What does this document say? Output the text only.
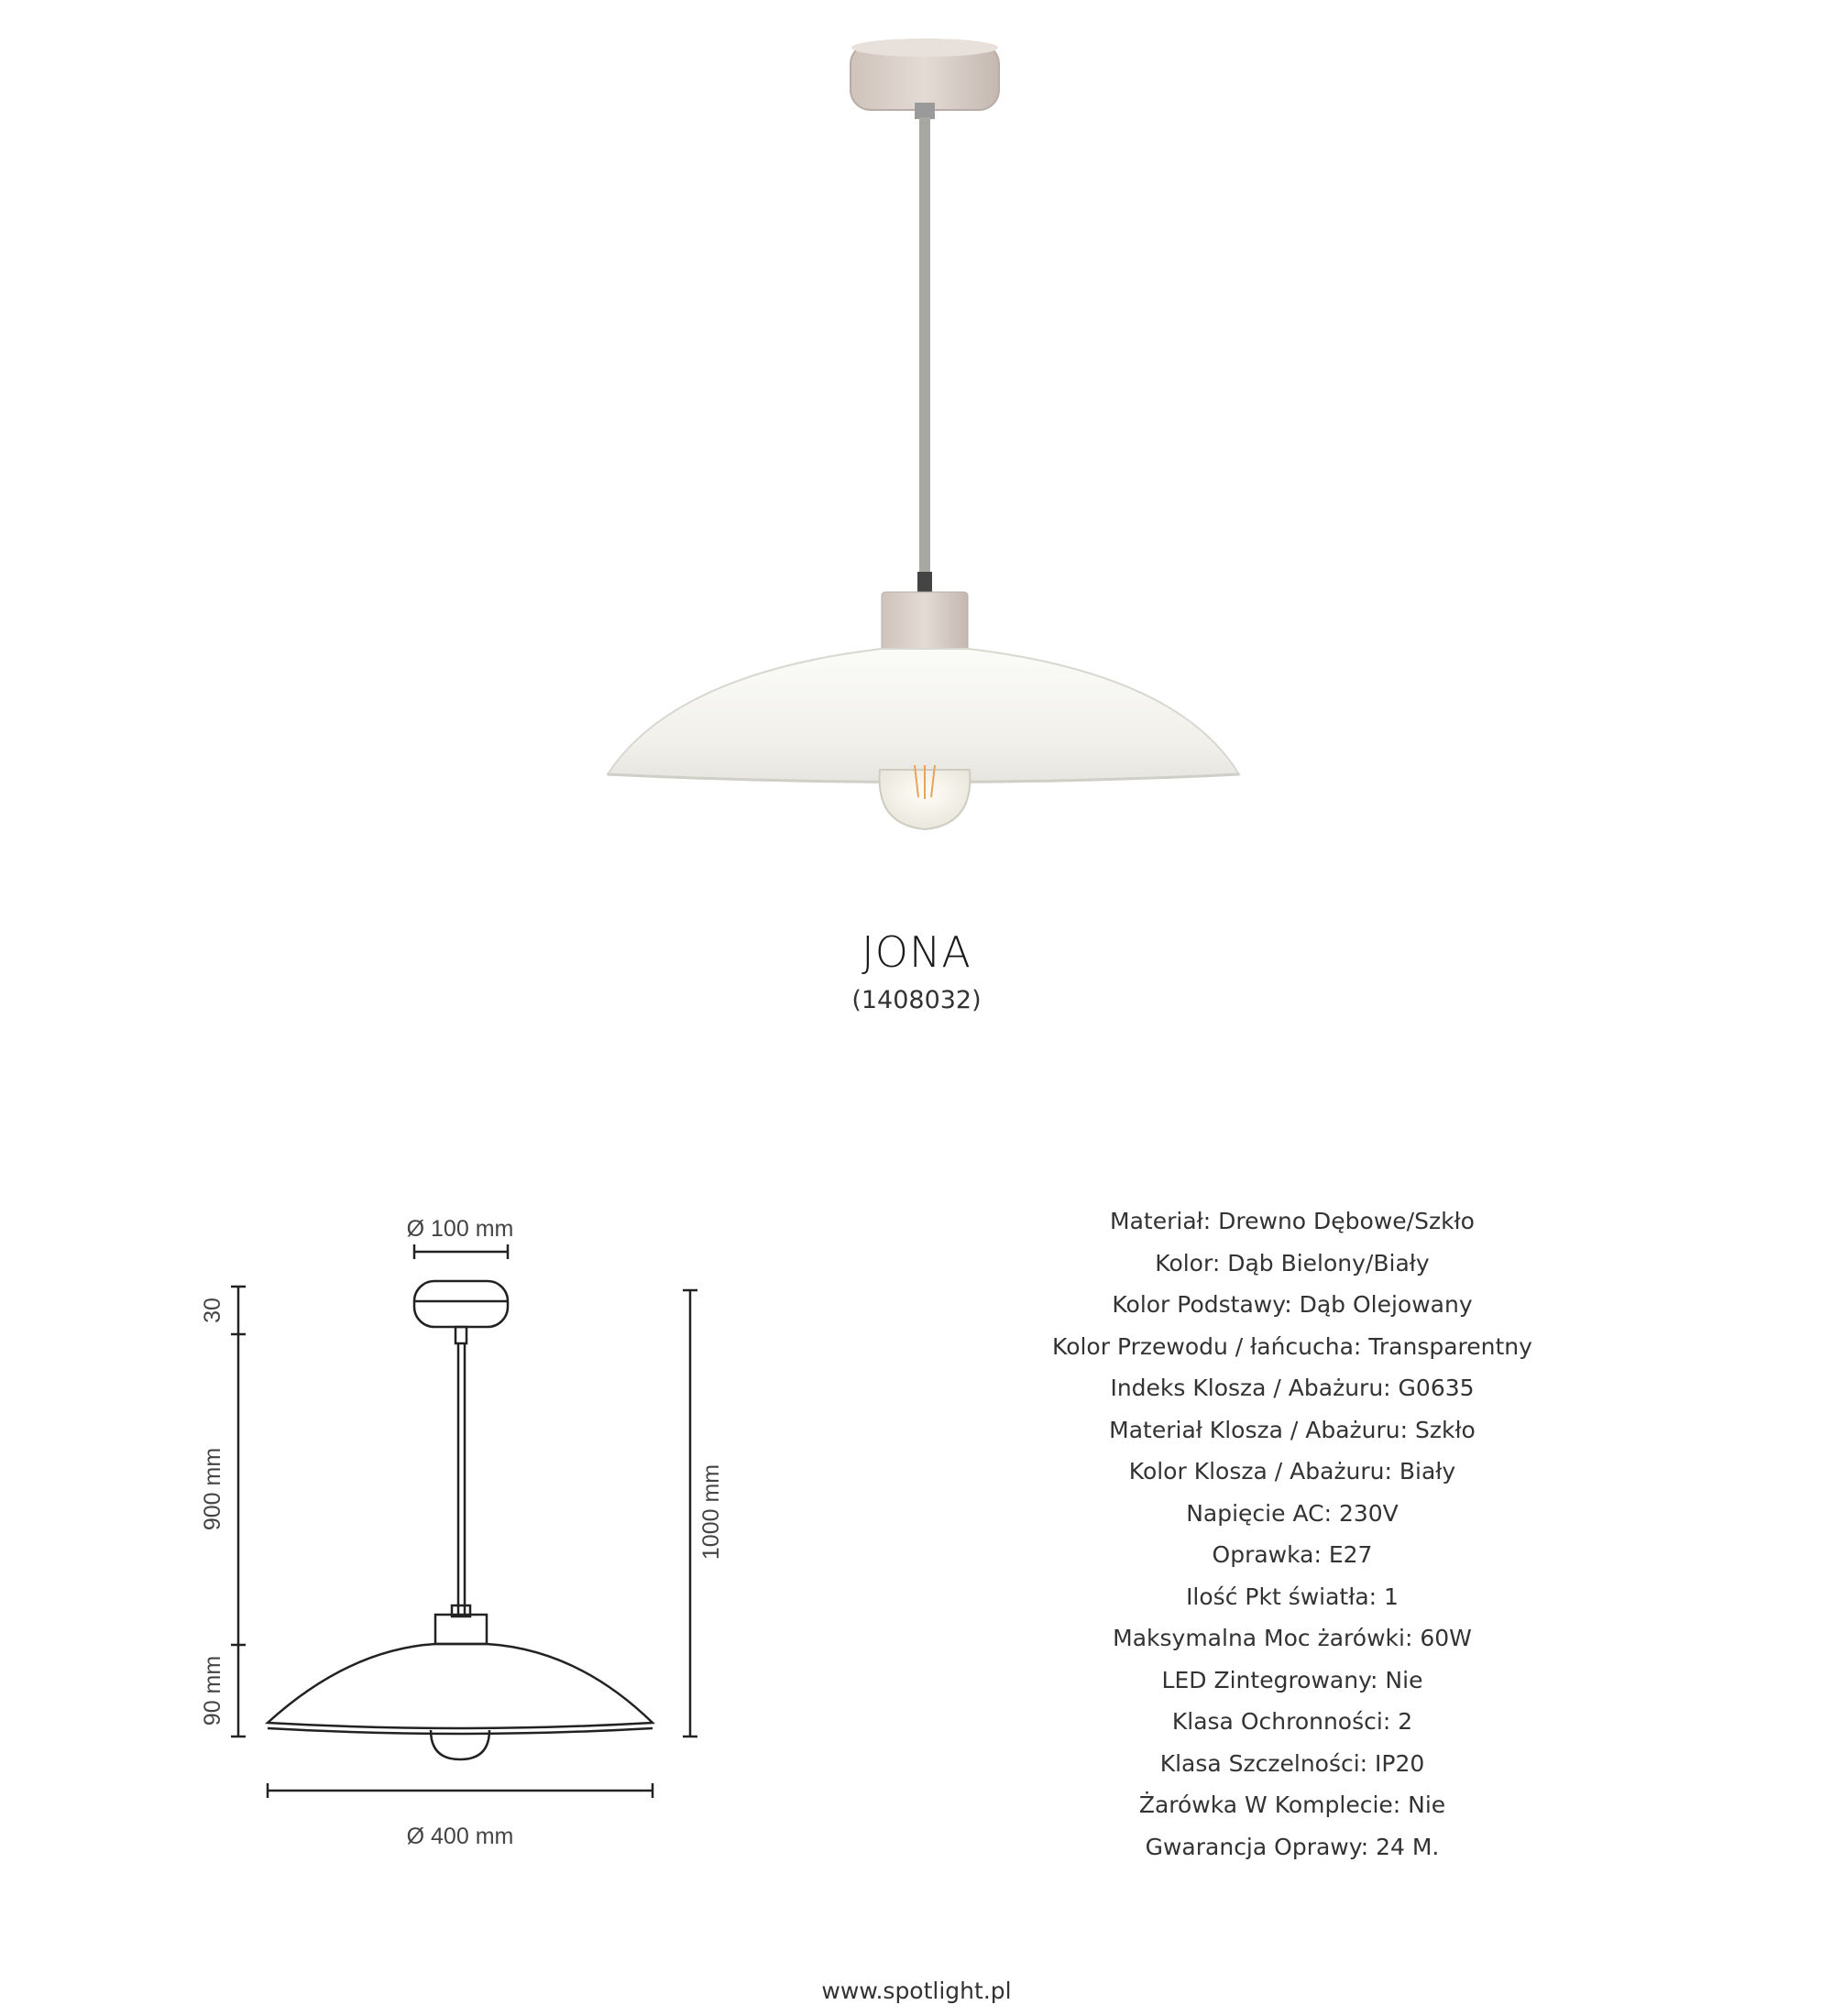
JONA
(1408032)
Ø 100 mm
Ø 400 mm
30
900 mm
90 mm
1000 mm
Materiał: Drewno Dębowe/Szkło
Kolor: Dąb Bielony/Biały
Kolor Podstawy: Dąb Olejowany
Kolor Przewodu / łańcucha: Transparentny
Indeks Klosza / Abażuru: G0635
Materiał Klosza / Abażuru: Szkło
Kolor Klosza / Abażuru: Biały
Napięcie AC: 230V
Oprawka: E27
Ilość Pkt światła: 1
Maksymalna Moc żarówki: 60W
LED Zintegrowany: Nie
Klasa Ochronności: 2
Klasa Szczelności: IP20
Żarówka W Komplecie: Nie
Gwarancja Oprawy: 24 M.
www.spotlight.pl
